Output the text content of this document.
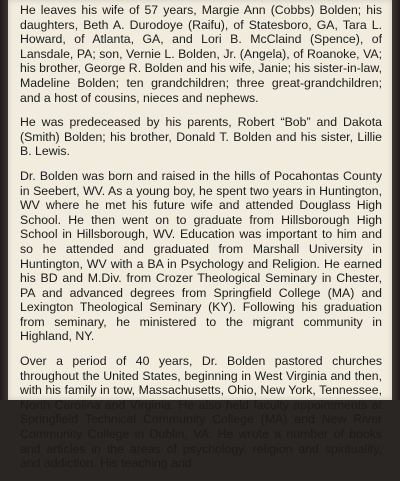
He leaves his wife of 57 years, Margie Ann (Cobbs) Bolden; his daughters, Beth A. Durodoye (Raifu), of Statesboro, GA, Tara L. Howard, of Atlanta, GA, and Lori B. McClaind (Spence), of Lansdale, PA; son, Vernie L. Bolden, Jr. (Angela), of Roanoke, VA; his brother, George R. Bolden and his wife, Janie; his sister-in-law, Madeline Bolden; ten grandchildren; three great-grandchildren; and a host of cousins, nieces and nephews.

He was predeceased by his parents, Robert “Bob” and Dakota (Smith) Bolden; his brother, Donald T. Bolden and his sister, Lillie B. Lewis.

Dr. Bolden was born and raised in the hills of Pocahontas County in Seebert, WV. As a young boy, he spent two years in Huntington, WV where he met his future wife and attended Douglass High School. He then went on to graduate from Hillsborough High School in Hillsborough, WV. Education was important to him and so he attended and graduated from Marshall University in Huntington, WV with a BA in Psychology and Religion. He earned his BD and M.Div. from Crozer Theological Seminary in Chester, PA and advanced degrees from Springfield College (MA) and Lexington Theological Seminary (KY). Following his graduation from seminary, he ministered to the migrant community in Highland, NY.

Over a period of 40 years, Dr. Bolden pastored churches throughout the United States, beginning in West Virginia and then, with his family in tow, Massachusetts, Ohio, New York, Tennessee, North Carolina and Virginia. He also held faculty appointments at Springfield Technical Community College (MA) and New River Community College in Dublin, VA. He wrote a number of books and articles in the areas of psychology, religion and spirituality, and addiction. His teaching and
